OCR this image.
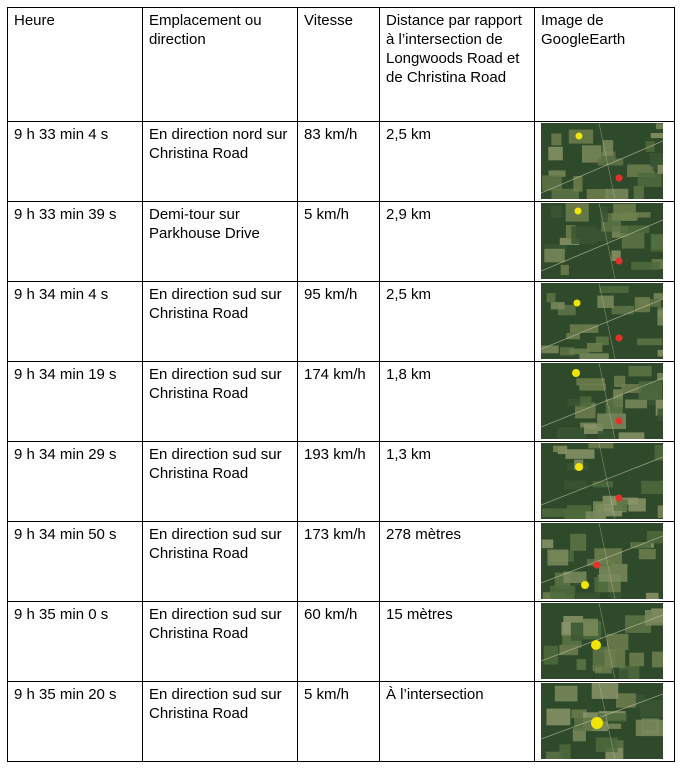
Heure	Emplacement ou direction	Vitesse	Distance par rapport à l’intersection de Longwoods Road et de Christina Road	Image de GoogleEarth
9 h 33 min 4 s	En direction nord sur Christina Road	83 km/h	2,5 km	

9 h 33 min 39 s	Demi-tour sur Parkhouse Drive	5 km/h	2,9 km	

9 h 34 min 4 s	En direction sud sur Christina Road	95 km/h	2,5 km	

9 h 34 min 19 s	En direction sud sur Christina Road	174 km/h	1,8 km	

9 h 34 min 29 s	En direction sud sur Christina Road	193 km/h	1,3 km	

9 h 34 min 50 s	En direction sud sur Christina Road	173 km/h	278 mètres	

9 h 35 min 0 s	En direction sud sur Christina Road	60 km/h	15 mètres	

9 h 35 min 20 s	En direction sud sur Christina Road	5 km/h	À l’intersection	
